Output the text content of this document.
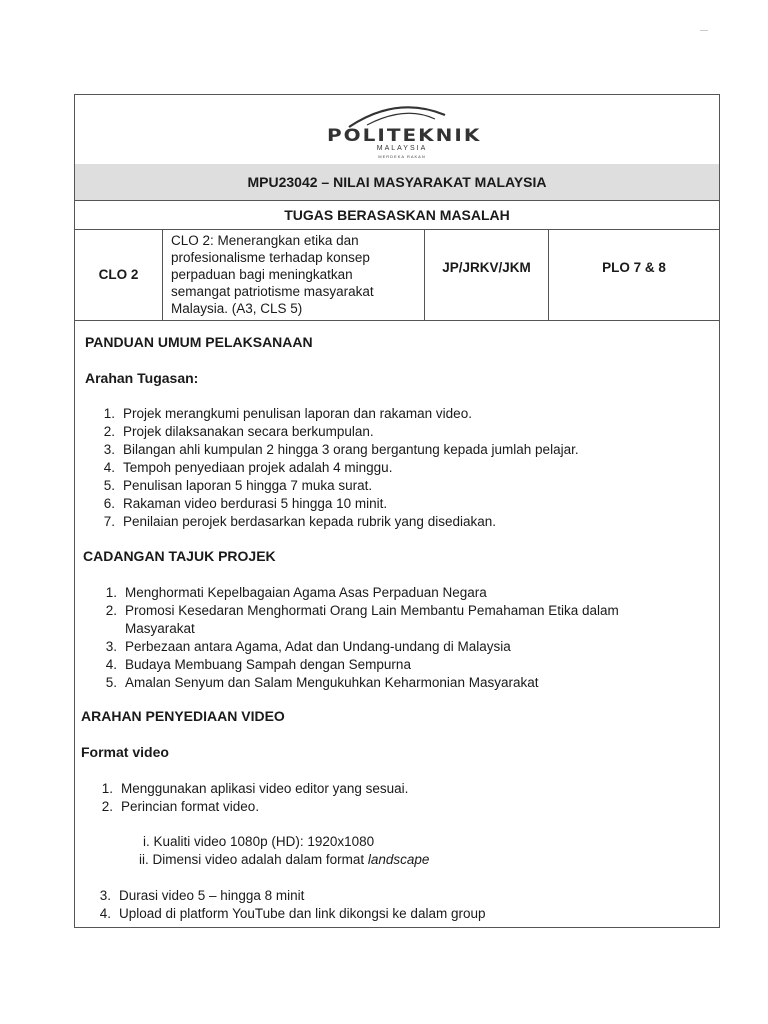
POLITEKNIK
MALAYSIA
MERDEKA RAKAN
MPU23042 – NILAI MASYARAKAT MALAYSIA
TUGAS BERASASKAN MASALAH
CLO 2
CLO 2: Menerangkan etika dan
profesionalisme terhadap konsep
perpaduan bagi meningkatkan
semangat patriotisme masyarakat
Malaysia. (A3, CLS 5)
JP/JRKV/JKM	PLO 7 & 8
PANDUAN UMUM PELAKSANAAN
Arahan Tugasan:
1. Projek merangkumi penulisan laporan dan rakaman video.
2. Projek dilaksanakan secara berkumpulan.
3. Bilangan ahli kumpulan 2 hingga 3 orang bergantung kepada jumlah pelajar.
4. Tempoh penyediaan projek adalah 4 minggu.
5. Penulisan laporan 5 hingga 7 muka surat.
6. Rakaman video berdurasi 5 hingga 10 minit.
7. Penilaian perojek berdasarkan kepada rubrik yang disediakan.
CADANGAN TAJUK PROJEK
1. Menghormati Kepelbagaian Agama Asas Perpaduan Negara
2. Promosi Kesedaran Menghormati Orang Lain Membantu Pemahaman Etika dalam
Masyarakat
3. Perbezaan antara Agama, Adat dan Undang-undang di Malaysia
4. Budaya Membuang Sampah dengan Sempurna
5. Amalan Senyum dan Salam Mengukuhkan Keharmonian Masyarakat
ARAHAN PENYEDIAAN VIDEO
Format video
1. Menggunakan aplikasi video editor yang sesuai.
2. Perincian format video.
i. Kualiti video 1080p (HD): 1920x1080
ii. Dimensi video adalah dalam format landscape
3. Durasi video 5 – hingga 8 minit
4. Upload di platform YouTube dan link dikongsi ke dalam group
